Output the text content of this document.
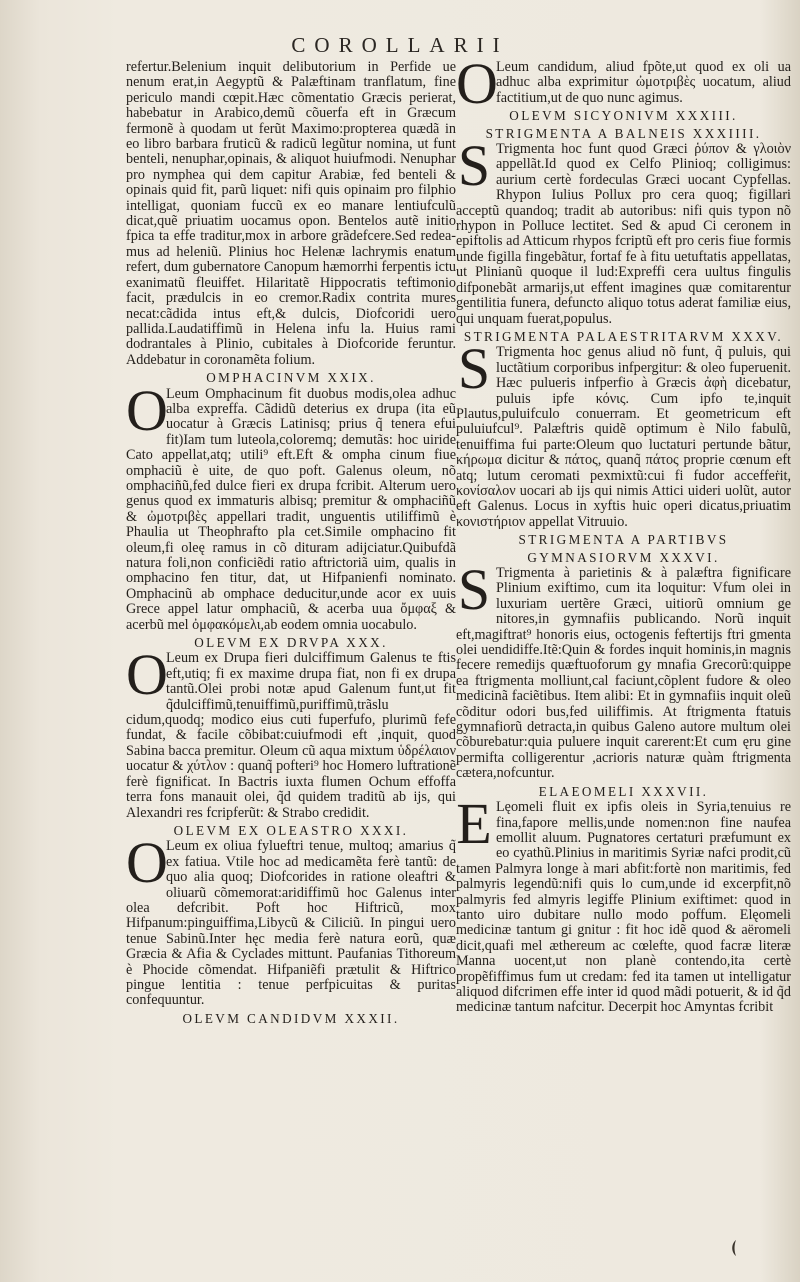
COROLLARII

refertur.Belenium inquit delibutorium in Perfide ue nenum erat,in Aegyptũ & Palæftinam tranflatum, fine periculo mandi cœpit.Hæc cõmentatio Græcis perierat, habebatur in Arabico,demũ cõuerfa eft in Græcum fermonẽ à quodam ut ferũt Maximo:propterea quædã in eo libro barbara fruticũ & radicũ legũtur nomina, ut funt benteli, nenuphar,opinais, & aliquot huiufmodi. Nenuphar pro nymphea qui dem capitur Arabiæ, fed benteli & opinais quid fit, parũ liquet: nifi quis opinaim pro filphio intelligat, quoniam fuccũ ex eo manare lentiufculũ dicat,quẽ priuatim uocamus opon. Bentelos autẽ initio fpica ta effe traditur,mox in arbore grãdefcere.Sed redeamus ad heleniũ. Plinius hoc Helenæ lachrymis enatum refert, dum gubernatore Canopum hæmorrhi ferpentis ictu exanimatũ fleuiffet. Hilaritatẽ Hippocratis teftimonio facit, prædulcis in eo cremor.Radix contrita mures necat:cãdida intus eft,& dulcis, Diofcoridi uero pallida.Laudatiffimũ in Helena infu la. Huius rami dodrantales à Plinio, cubitales à Diofcoride feruntur. Addebatur in coronamẽta folium.

OMPHACINVM XXIX.

O
Leum Omphacinum fit duobus modis,olea adhuc alba expreffa. Cãdidũ deterius ex drupa (ita eũ uocatur à Græcis Latinisq; prius q̃ tenera efui fit)Iam tum luteola,coloremq; demutãs: hoc uiride Cato appellat,atq; utili⁹ eft.Eft & ompha cinum fiue omphaciũ è uite, de quo poft. Galenus oleum, nõ omphaciñũ,fed dulce fieri ex drupa fcribit. Alterum uero genus quod ex immaturis albisq; premitur & omphaciñũ & ὠμοτριβὲς appellari tradit, unguentis utiliffimũ è Phaulia ut Theophrafto pla cet.Simile omphacino fit oleum,fi oleę ramus in cõ dituram adijciatur.Quibufdã natura foli,non conficiẽdi ratio aftrictoriã uim, qualis in omphacino fen titur, dat, ut Hifpanienfi nominato. Omphacinũ ab omphace deducitur,unde acor ex uuis Grece appel latur omphaciũ, & acerba uua ὄμφαξ & acerbũ mel ὀμφακόμελι,ab eodem omnia uocabulo.

OLEVM EX DRVPA XXX.

O
Leum ex Drupa fieri dulciffimum Galenus te ftis eft,utiq; fi ex maxime drupa fiat, non fi ex drupa tantũ.Olei probi notæ apud Galenum funt,ut fit q̃dulciffimũ,tenuiffimũ,puriffimũ,trãslu cidum,quodq; modico eius cuti fuperfufo, plurimũ fefe fundat, & facile cõbibat:cuiufmodi eft ,inquit, quod Sabina bacca premitur. Oleum cũ aqua mixtum ὑδρέλαιον uocatur & χύτλον : quanq̃ pofteri⁹ hoc Homero luftrationẽ ferè fignificat. In Bactris iuxta flumen Ochum effoffa terra fons manauit olei, q̃d quidem traditũ ab ijs, qui Alexandri res fcripferũt: & Strabo credidit.

OLEVM EX OLEASTRO XXXI.

O
Leum ex oliua fylueftri tenue, multoq; amarius q̃ ex fatiua. Vtile hoc ad medicamẽta ferè tantũ: de quo alia quoq; Diofcorides in ratione oleaftri & oliuarũ cõmemorat:aridiffimũ hoc Galenus inter olea defcribit. Poft hoc Hiftricũ, mox Hifpanum:pinguiffima,Libycũ & Ciliciũ. In pingui uero tenue Sabinũ.Inter hęc media ferè natura eorũ, quæ Græcia & Afia & Cyclades mittunt. Paufanias Tithoreum è Phocide cõmendat. Hifpaniẽfi prætulit & Hiftrico pingue lentitia : tenue perfpicuitas & puritas confequuntur.

OLEVM CANDIDVM XXXII.

O
Leum candidum, aliud fpõte,ut quod ex oli ua adhuc alba exprimitur ὠμοτριβὲς uocatum, aliud factitium,ut de quo nunc agimus.

OLEVM SICYONIVM XXXIII.
STRIGMENTA A BALNEIS XXXIIII.

S Trigmenta hoc funt quod Græci ῥύπον & γλοιὸν appellãt.Id quod ex Celfo Plinioq; colligimus: aurium certè fordeculas Græci uocant Cypfellas. Rhypon Iulius Pollux pro cera quoq; figillari acceptũ quandoq; tradit ab autoribus: nifi quis typon nõ rhypon in Polluce lectitet. Sed & apud Ci ceronem in epiftolis ad Atticum rhypos fcriptũ eft pro ceris fiue formis unde figilla fingebãtur, fortaf fe à fitu uetuftatis appellatas, ut Plinianũ quoque il lud:Expreffi cera uultus fingulis difponebãt armarijs,ut effent imagines quæ comitarentur gentilitia funera, defuncto aliquo totus aderat familiæ eius, qui unquam fuerat,populus.

STRIGMENTA PALAESTRITARVM XXXV.

S Trigmenta hoc genus aliud nõ funt, q̃ puluis, qui luctãtium corporibus infpergitur: & oleo fuperuenit. Hæc pulueris infperfio à Græcis ἀφὴ dicebatur, puluis ipfe κόνις. Cum ipfo te,inquit Plautus,puluifculo conuerram. Et geometricum eft puluiufcul⁹. Palæftris quidẽ optimum è Nilo fabulũ, tenuiffima fui parte:Oleum quo luctaturi pertunde bãtur, κήρωμα dicitur & πάτος, quanq̃ πάτος proprie cœnum eft atq; lutum ceromati pexmixtũ:cui fi fudor acceffeṙit, κονίσαλον uocari ab ijs qui nimis Attici uideri uolũt, autor eft Galenus. Locus in xyftis huic operi dicatus,priuatim κονιστήριον appellat Vitruuio.

STRIGMENTA A PARTIBVS
GYMNASIORVM XXXVI.

S Trigmenta à parietinis & à palæftra fignificare Plinium exiftimo, cum ita loquitur: Vfum olei in luxuriam uertẽre Græci, uitiorũ omnium ge nitores,in gymnafiis publicando. Norũ inquit eft,magiftrat⁹ honoris eius, octogenis feftertijs ftri gmenta olei uendidiffe.Itẽ:Quin & fordes inquit hominis,in magnis fecere remedijs quæftuoforum gy mnafia Grecorũ:quippe ea ftrigmenta molliunt,cal faciunt,cõplent fudore & oleo medicinã faciẽtibus. Item alibi: Et in gymnafiis inquit oleũ cõditur odori bus,fed uiliffimis. At ftrigmenta ftatuis gymnafiorũ detracta,in quibus Galeno autore multum olei cõburebatur:quia puluere inquit carerent:Et cum ęru gine permifta colligerentur ,acrioris naturæ quàm ftrigmenta cætera,nofcuntur.

ELAEOMELI XXXVII.

E Lęomeli fluit ex ipfis oleis in Syria,tenuius re fina,fapore mellis,unde nomen:non fine naufea emollit aluum. Pugnatores certaturi præfumunt ex eo cyathũ.Plinius in maritimis Syriæ nafci prodit,cũ tamen Palmyra longe à mari abfit:fortè non maritimis, fed palmyris legendũ:nifi quis lo cum,unde id excerpfit,nõ palmyris fed almyris legiffe Plinium exiftimet: quod in tanto uiro dubitare nullo modo poffum. Elęomeli medicinæ tantum gi gnitur : fit hoc idẽ quod & aëromeli dicit,quafi mel æthereum ac cœlefte, quod facræ literæ Manna uocent,ut non planè contendo,ita certè propẽfiffimus fum ut credam: fed ita tamen ut intelligatur aliquod difcrimen effe inter id quod mãdi potuerit, & id q̃d medicinæ tantum nafcitur. Decerpit hoc Amyntas fcribit
